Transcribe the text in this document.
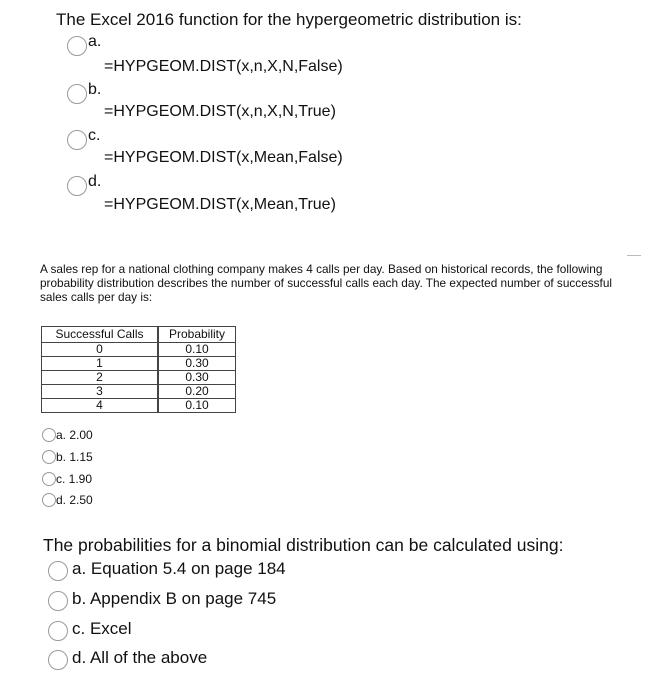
The Excel 2016 function for the hypergeometric distribution is:
a.
=HYPGEOM.DIST(x,n,X,N,False)
b.
=HYPGEOM.DIST(x,n,X,N,True)
c.
=HYPGEOM.DIST(x,Mean,False)
d.
=HYPGEOM.DIST(x,Mean,True)
A sales rep for a national clothing company makes 4 calls per day. Based on historical records, the following probability distribution describes the number of successful calls each day. The expected number of successful sales calls per day is:
Successful Calls	Probability
0	0.10
1	0.30
2	0.30
3	0.20
4	0.10
a. 2.00
b. 1.15
c. 1.90
d. 2.50
The probabilities for a binomial distribution can be calculated using:
a. Equation 5.4 on page 184
b. Appendix B on page 745
c. Excel
d. All of the above
